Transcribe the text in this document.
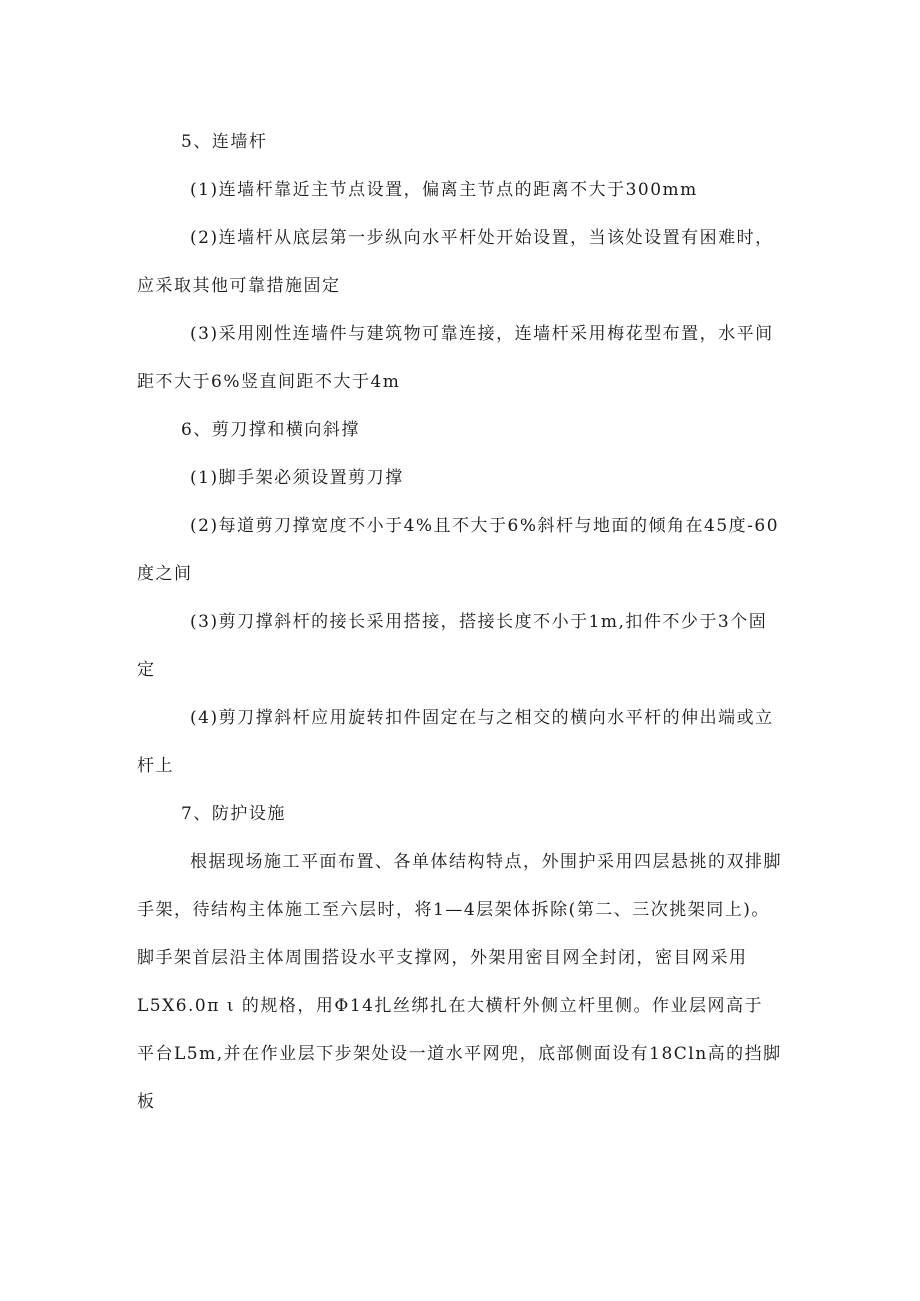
5、连墙杆
(1)连墙杆靠近主节点设置，偏离主节点的距离不大于300mm
(2)连墙杆从底层第一步纵向水平杆处开始设置，当该处设置有困难时，
应采取其他可靠措施固定
(3)采用刚性连墙件与建筑物可靠连接，连墙杆采用梅花型布置，水平间
距不大于6%竖直间距不大于4m
6、剪刀撑和横向斜撑
(1)脚手架必须设置剪刀撑
(2)每道剪刀撑宽度不小于4%且不大于6%斜杆与地面的倾角在45度-60
度之间
(3)剪刀撑斜杆的接长采用搭接，搭接长度不小于1m,扣件不少于3个固
定
(4)剪刀撑斜杆应用旋转扣件固定在与之相交的横向水平杆的伸出端或立
杆上
7、防护设施
根据现场施工平面布置、各单体结构特点，外围护采用四层悬挑的双排脚
手架，待结构主体施工至六层时，将1—4层架体拆除(第二、三次挑架同上)。
脚手架首层沿主体周围搭设水平支撑网，外架用密目网全封闭，密目网采用
L5X6.0π ι 的规格，用Φ14扎丝绑扎在大横杆外侧立杆里侧。作业层网高于
平台L5m,并在作业层下步架处设一道水平网兜，底部侧面设有18Cln高的挡脚
板
